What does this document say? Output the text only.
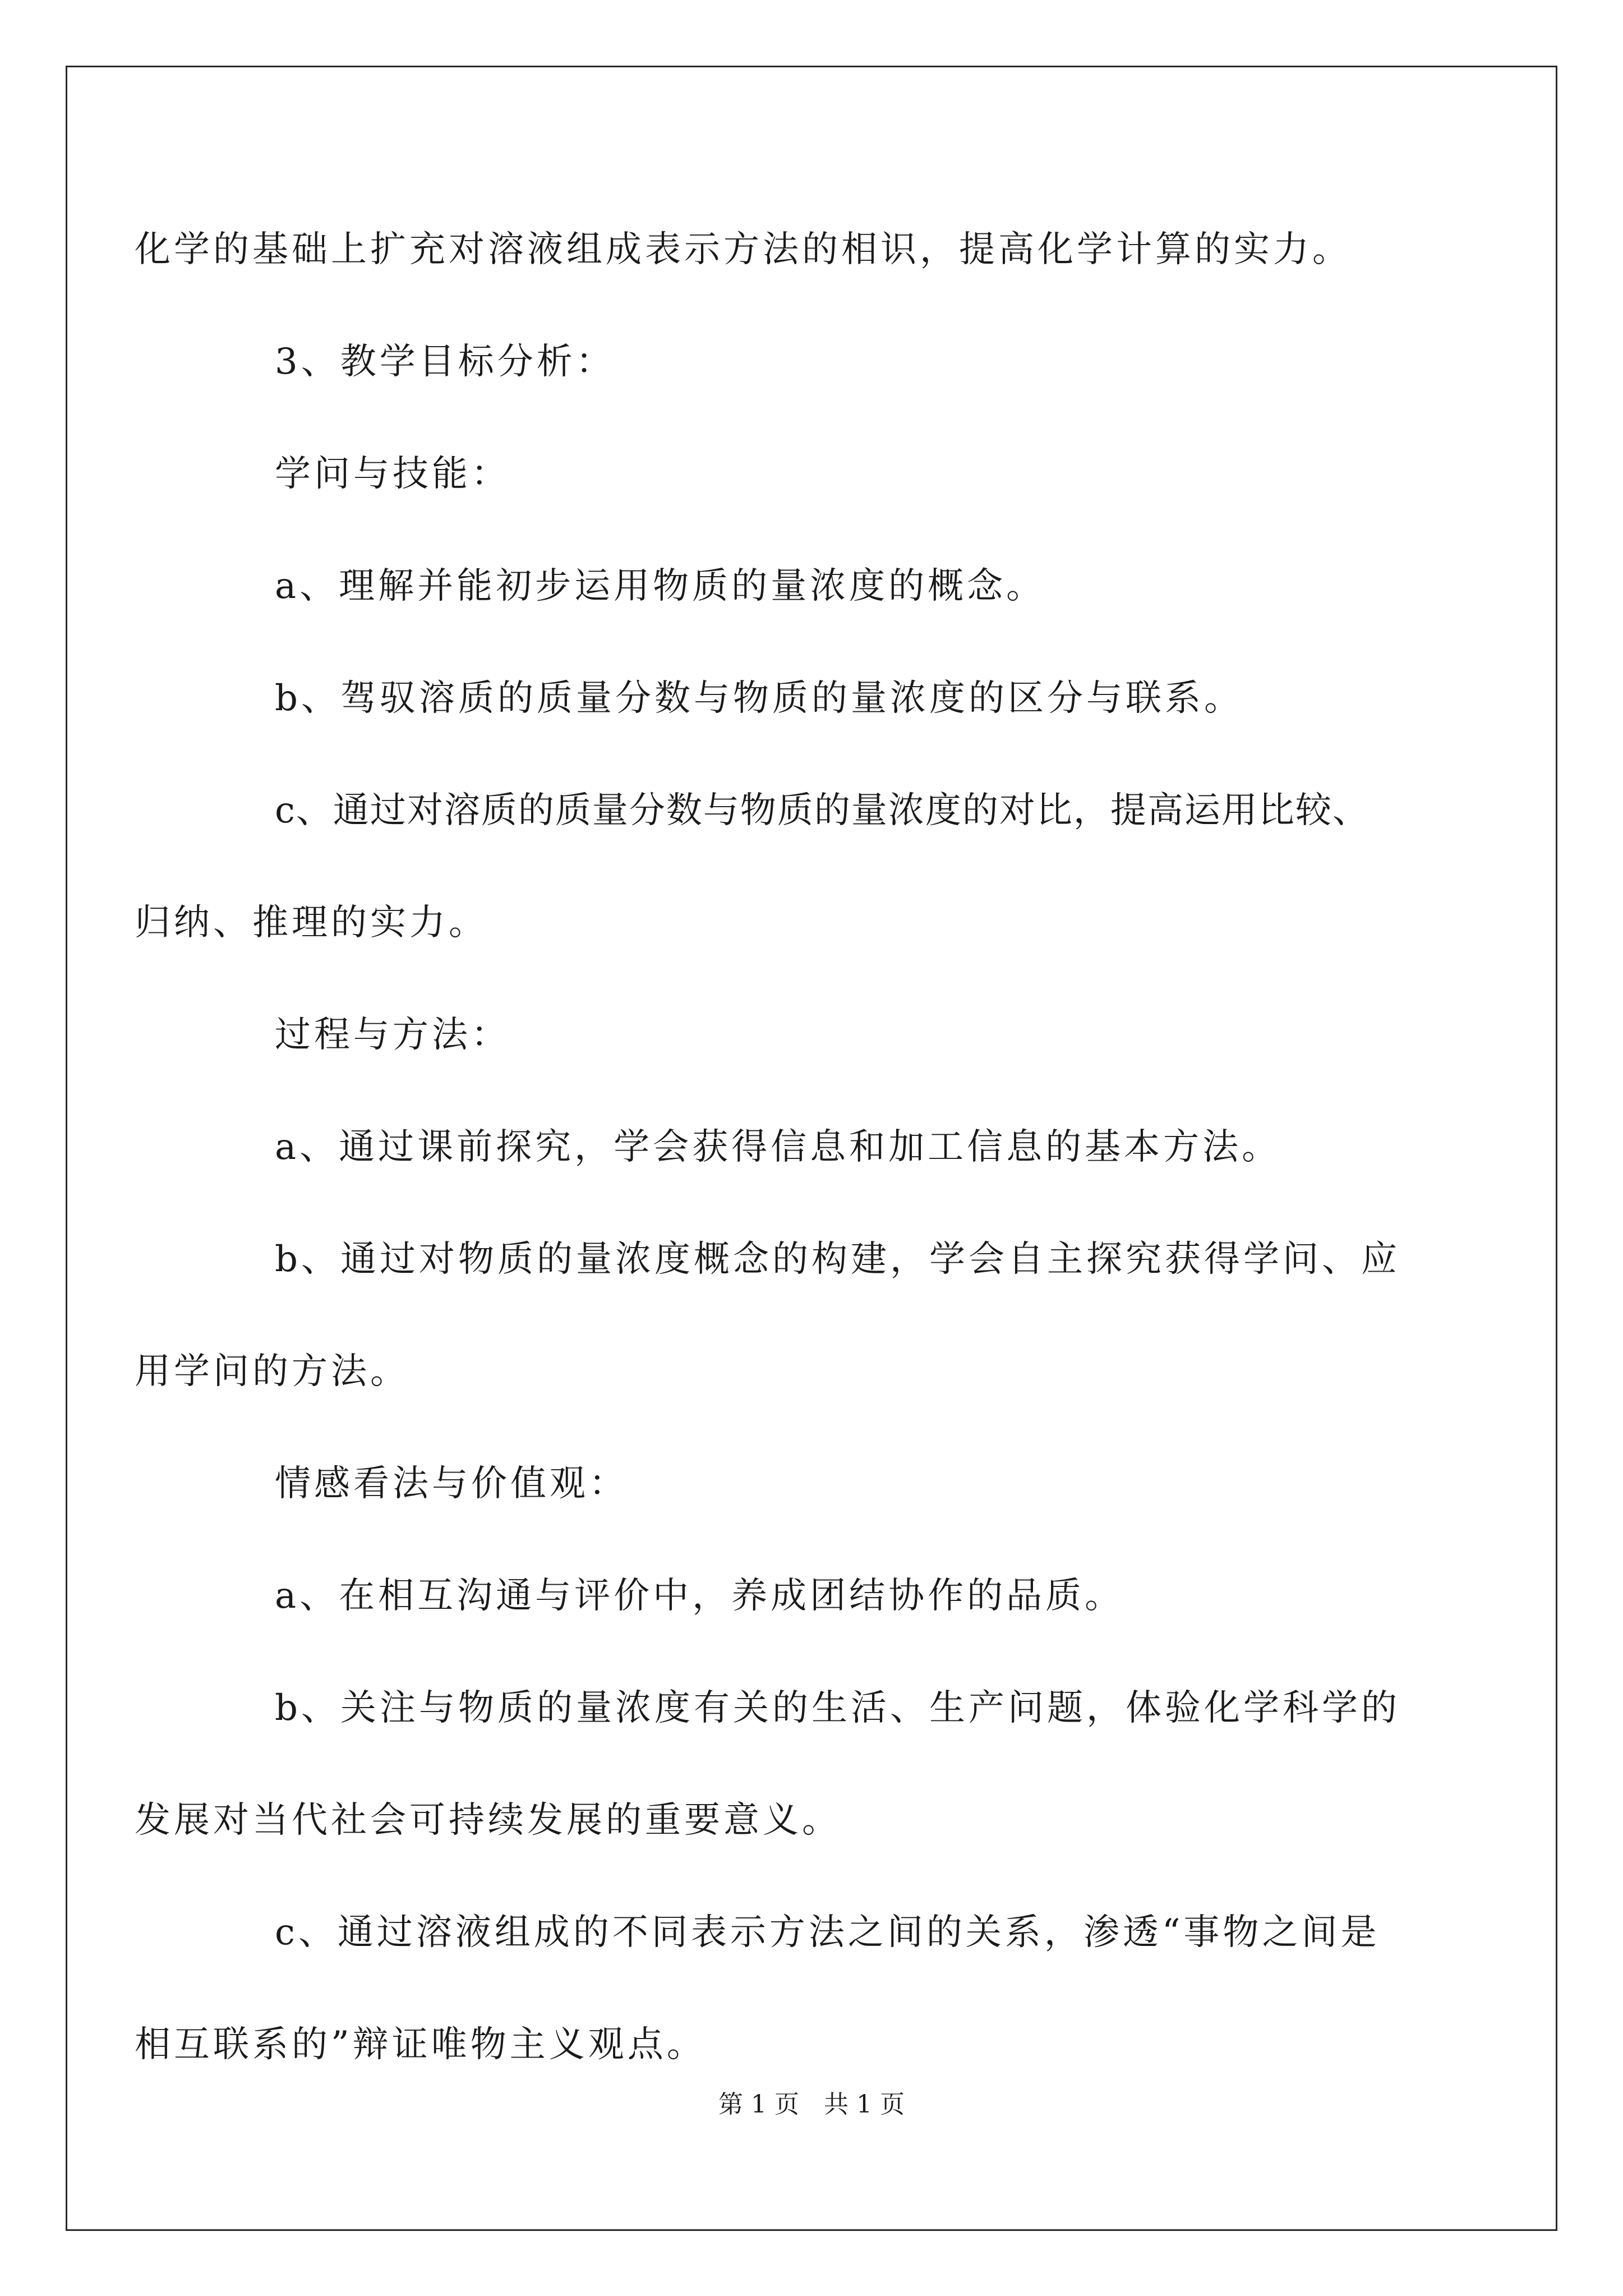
化学的基础上扩充对溶液组成表示方法的相识，提高化学计算的实力。
3、教学目标分析：
学问与技能：
a、理解并能初步运用物质的量浓度的概念。
b、驾驭溶质的质量分数与物质的量浓度的区分与联系。
c、通过对溶质的质量分数与物质的量浓度的对比，提高运用比较、
归纳、推理的实力。
过程与方法：
a、通过课前探究，学会获得信息和加工信息的基本方法。
b、通过对物质的量浓度概念的构建，学会自主探究获得学问、应
用学问的方法。
情感看法与价值观：
a、在相互沟通与评价中，养成团结协作的品质。
b、关注与物质的量浓度有关的生活、生产问题，体验化学科学的
发展对当代社会可持续发展的重要意义。
c、通过溶液组成的不同表示方法之间的关系，渗透“事物之间是
相互联系的”辩证唯物主义观点。
第 1 页　共 1 页
